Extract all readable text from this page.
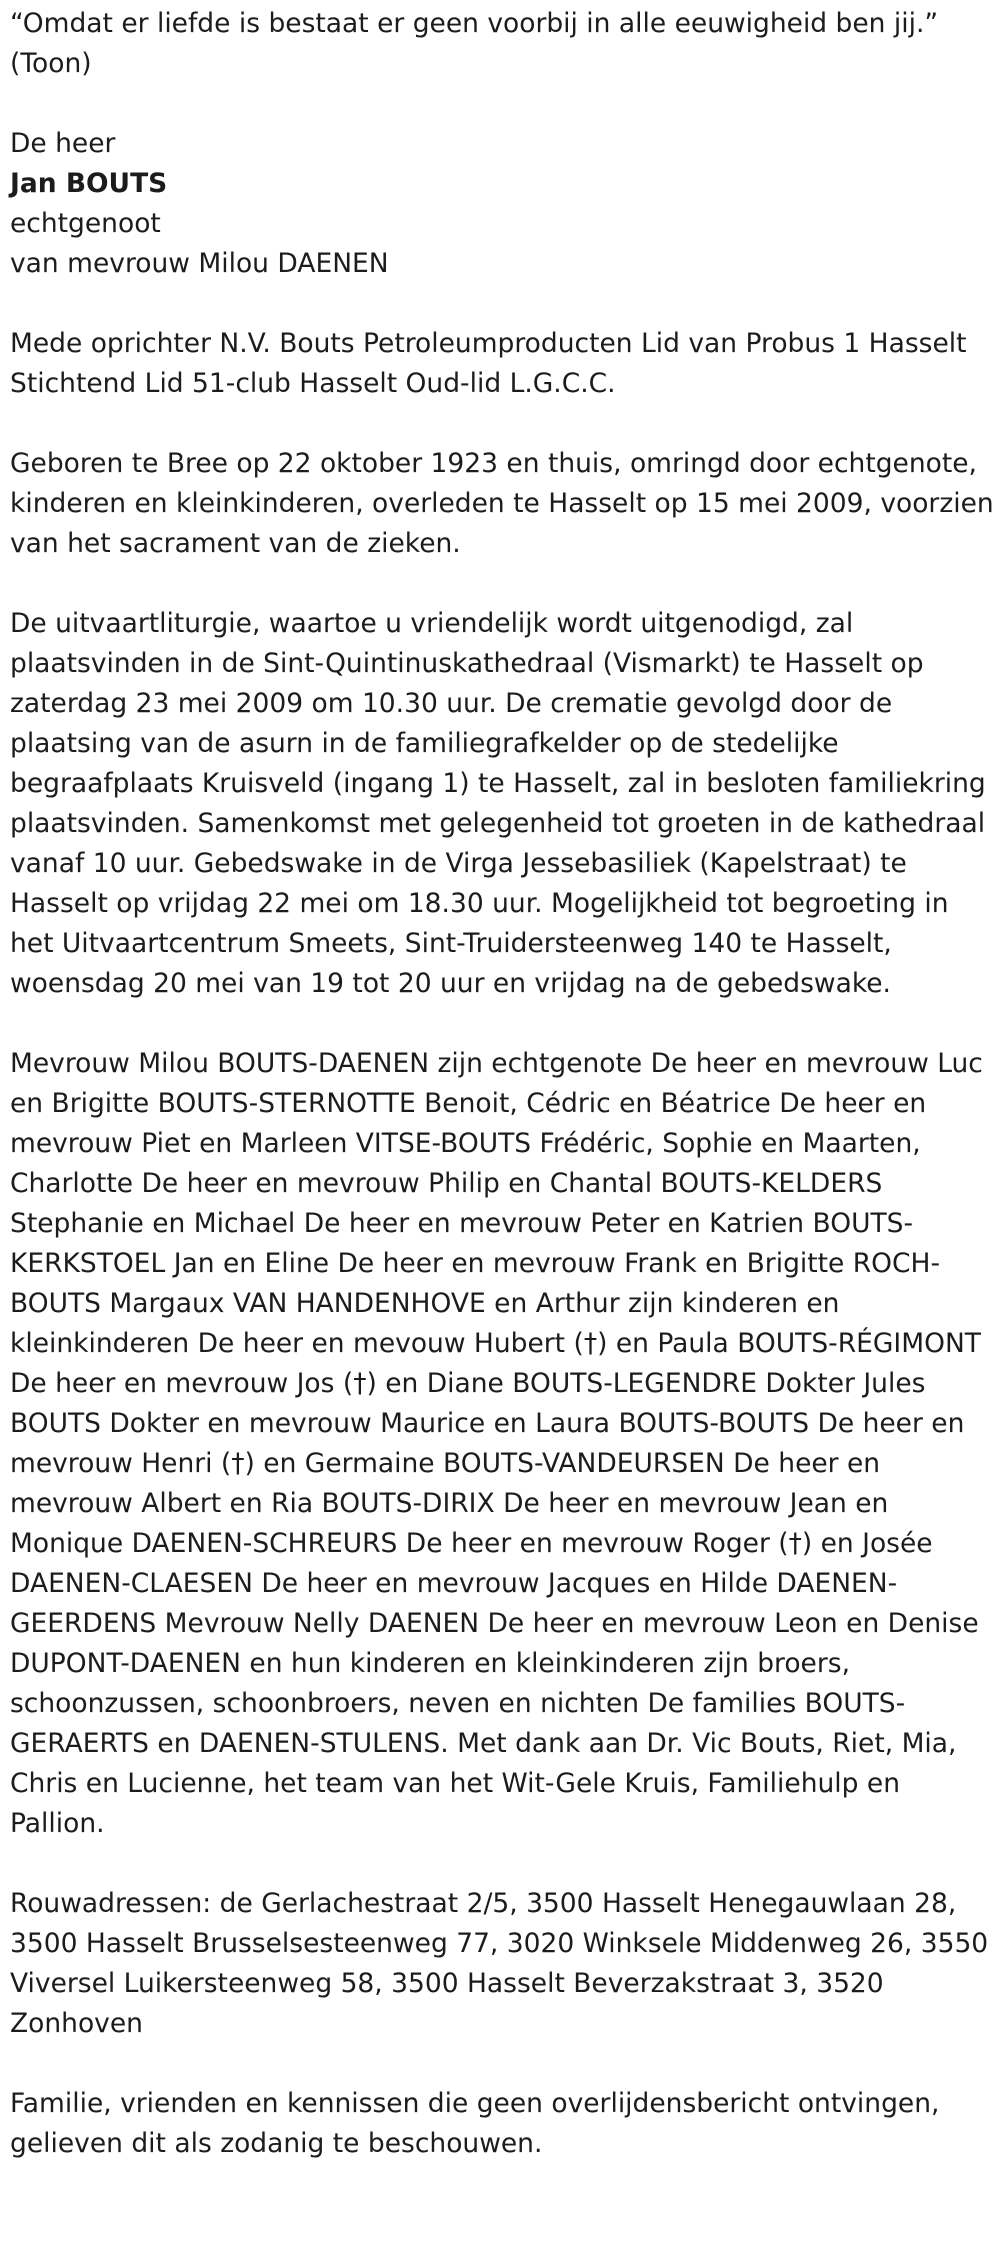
“Omdat er liefde is bestaat er geen voorbij in alle eeuwigheid ben jij.”
(Toon)

De heer
Jan BOUTS
echtgenoot
van mevrouw Milou DAENEN

Mede oprichter N.V. Bouts Petroleumproducten Lid van Probus 1 Hasselt Stichtend Lid 51-club Hasselt Oud-lid L.G.C.C.

Geboren te Bree op 22 oktober 1923 en thuis, omringd door echtgenote, kinderen en kleinkinderen, overleden te Hasselt op 15 mei 2009, voorzien van het sacrament van de zieken.

De uitvaartliturgie, waartoe u vriendelijk wordt uitgenodigd, zal plaatsvinden in de Sint-Quintinuskathedraal (Vismarkt) te Hasselt op zaterdag 23 mei 2009 om 10.30 uur. De crematie gevolgd door de plaatsing van de asurn in de familiegrafkelder op de stedelijke begraafplaats Kruisveld (ingang 1) te Hasselt, zal in besloten familiekring plaatsvinden. Samenkomst met gelegenheid tot groeten in de kathedraal vanaf 10 uur. Gebedswake in de Virga Jessebasiliek (Kapelstraat) te Hasselt op vrijdag 22 mei om 18.30 uur. Mogelijkheid tot begroeting in het Uitvaartcentrum Smeets, Sint-Truidersteenweg 140 te Hasselt, woensdag 20 mei van 19 tot 20 uur en vrijdag na de gebedswake.

Mevrouw Milou BOUTS-DAENEN zijn echtgenote De heer en mevrouw Luc en Brigitte BOUTS-STERNOTTE Benoit, Cédric en Béatrice De heer en mevrouw Piet en Marleen VITSE-BOUTS Frédéric, Sophie en Maarten, Charlotte De heer en mevrouw Philip en Chantal BOUTS-KELDERS Stephanie en Michael De heer en mevrouw Peter en Katrien BOUTS-KERKSTOEL Jan en Eline De heer en mevrouw Frank en Brigitte ROCH-BOUTS Margaux VAN HANDENHOVE en Arthur zijn kinderen en kleinkinderen De heer en mevouw Hubert (†) en Paula BOUTS-RÉGIMONT De heer en mevrouw Jos (†) en Diane BOUTS-LEGENDRE Dokter Jules BOUTS Dokter en mevrouw Maurice en Laura BOUTS-BOUTS De heer en mevrouw Henri (†) en Germaine BOUTS-VANDEURSEN De heer en mevrouw Albert en Ria BOUTS-DIRIX De heer en mevrouw Jean en Monique DAENEN-SCHREURS De heer en mevrouw Roger (†) en Josée DAENEN-CLAESEN De heer en mevrouw Jacques en Hilde DAENEN-GEERDENS Mevrouw Nelly DAENEN De heer en mevrouw Leon en Denise DUPONT-DAENEN en hun kinderen en kleinkinderen zijn broers, schoonzussen, schoonbroers, neven en nichten De families BOUTS-GERAERTS en DAENEN-STULENS. Met dank aan Dr. Vic Bouts, Riet, Mia, Chris en Lucienne, het team van het Wit-Gele Kruis, Familiehulp en Pallion.

Rouwadressen: de Gerlachestraat 2/5, 3500 Hasselt Henegauwlaan 28, 3500 Hasselt Brusselsesteenweg 77, 3020 Winksele Middenweg 26, 3550 Viversel Luikersteenweg 58, 3500 Hasselt Beverzakstraat 3, 3520 Zonhoven

Familie, vrienden en kennissen die geen overlijdensbericht ontvingen, gelieven dit als zodanig te beschouwen.
